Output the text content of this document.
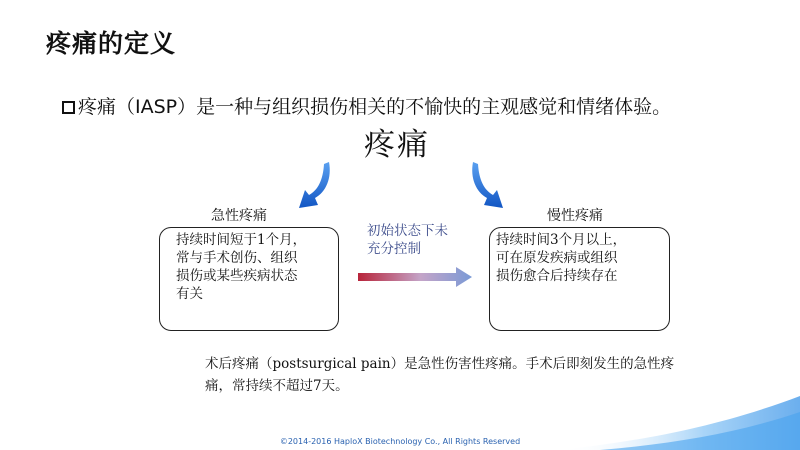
疼痛的定义
疼痛（IASP）是一种与组织损伤相关的不愉快的主观感觉和情绪体验。
疼痛
急性疼痛	慢性疼痛
持续时间短于1个月，
常与手术创伤、组织
损伤或某些疾病状态
有关
持续时间3个月以上，
可在原发疾病或组织
损伤愈合后持续存在
初始状态下未
充分控制
术后疼痛（postsurgical pain）是急性伤害性疼痛。手术后即刻发生的急性疼痛，常持续不超过7天。
©2014-2016 HaploX Biotechnology Co., All Rights Reserved
